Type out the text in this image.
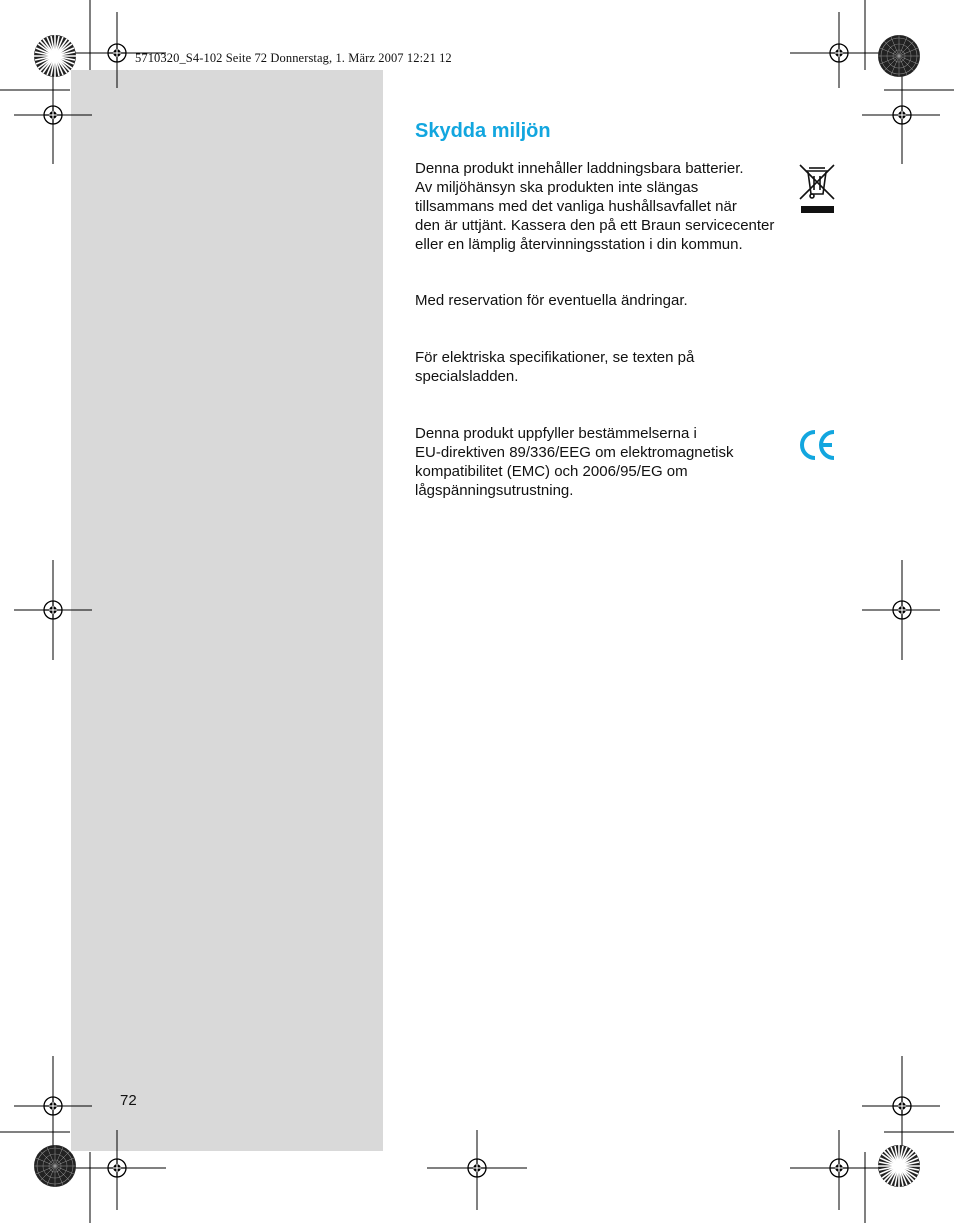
5710320_S4-102 Seite 72 Donnerstag, 1. März 2007 12:21 12
Skydda miljön

Denna produkt innehåller laddningsbara batterier.
Av miljöhänsyn ska produkten inte slängas
tillsammans med det vanliga hushållsavfallet när
den är uttjänt. Kassera den på ett Braun servicecenter
eller en lämplig återvinningsstation i din kommun.

Med reservation för eventuella ändringar.

För elektriska specifikationer, se texten på
specialsladden.

Denna produkt uppfyller bestämmelserna i
EU-direktiven 89/336/EEG om elektromagnetisk
kompatibilitet (EMC) och 2006/95/EG om
lågspänningsutrustning.

72
